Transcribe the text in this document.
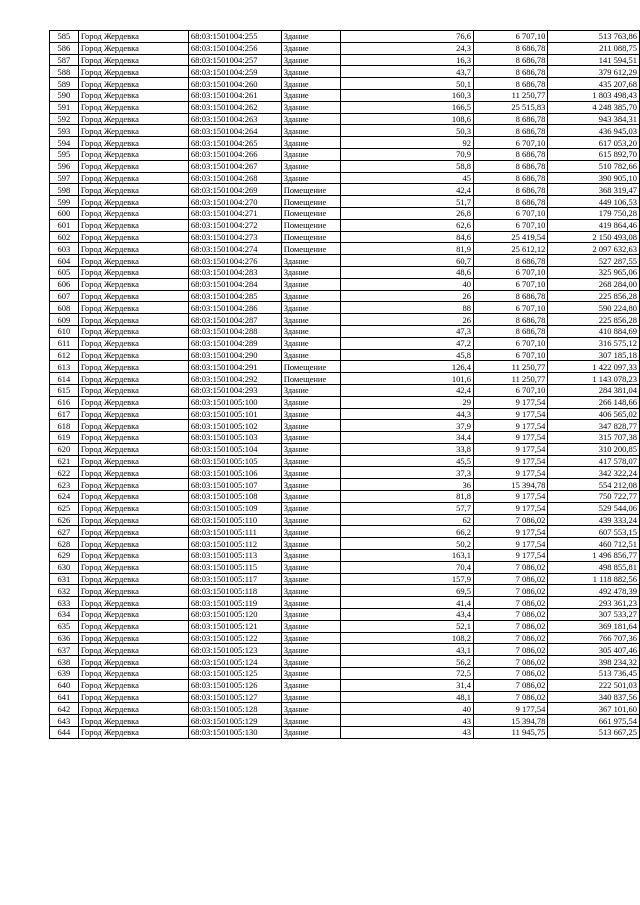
585	Город Жердевка	68:03:1501004:255	Здание	76,6	6 707,10	513 763,86
586	Город Жердевка	68:03:1501004:256	Здание	24,3	8 686,78	211 088,75
587	Город Жердевка	68:03:1501004:257	Здание	16,3	8 686,78	141 594,51
588	Город Жердевка	68:03:1501004:259	Здание	43,7	8 686,78	379 612,29
589	Город Жердевка	68:03:1501004:260	Здание	50,1	8 686,78	435 207,68
590	Город Жердевка	68:03:1501004:261	Здание	160,3	11 250,77	1 803 498,43
591	Город Жердевка	68:03:1501004:262	Здание	166,5	25 515,83	4 248 385,70
592	Город Жердевка	68:03:1501004:263	Здание	108,6	8 686,78	943 384,31
593	Город Жердевка	68:03:1501004:264	Здание	50,3	8 686,78	436 945,03
594	Город Жердевка	68:03:1501004:265	Здание	92	6 707,10	617 053,20
595	Город Жердевка	68:03:1501004:266	Здание	70,9	8 686,78	615 892,70
596	Город Жердевка	68:03:1501004:267	Здание	58,8	8 686,78	510 782,66
597	Город Жердевка	68:03:1501004:268	Здание	45	8 686,78	390 905,10
598	Город Жердевка	68:03:1501004:269	Помещение	42,4	8 686,78	368 319,47
599	Город Жердевка	68:03:1501004:270	Помещение	51,7	8 686,78	449 106,53
600	Город Жердевка	68:03:1501004:271	Помещение	26,8	6 707,10	179 750,28
601	Город Жердевка	68:03:1501004:272	Помещение	62,6	6 707,10	419 864,46
602	Город Жердевка	68:03:1501004:273	Помещение	84,6	25 419,54	2 150 493,08
603	Город Жердевка	68:03:1501004:274	Помещение	81,9	25 612,12	2 097 632,63
604	Город Жердевка	68:03:1501004:276	Здание	60,7	8 686,78	527 287,55
605	Город Жердевка	68:03:1501004:283	Здание	48,6	6 707,10	325 965,06
606	Город Жердевка	68:03:1501004:284	Здание	40	6 707,10	268 284,00
607	Город Жердевка	68:03:1501004:285	Здание	26	8 686,78	225 856,28
608	Город Жердевка	68:03:1501004:286	Здание	88	6 707,10	590 224,80
609	Город Жердевка	68:03:1501004:287	Здание	26	8 686,78	225 856,28
610	Город Жердевка	68:03:1501004:288	Здание	47,3	8 686,78	410 884,69
611	Город Жердевка	68:03:1501004:289	Здание	47,2	6 707,10	316 575,12
612	Город Жердевка	68:03:1501004:290	Здание	45,8	6 707,10	307 185,18
613	Город Жердевка	68:03:1501004:291	Помещение	126,4	11 250,77	1 422 097,33
614	Город Жердевка	68:03:1501004:292	Помещение	101,6	11 250,77	1 143 078,23
615	Город Жердевка	68:03:1501004:293	Здание	42,4	6 707,10	284 381,04
616	Город Жердевка	68:03:1501005:100	Здание	29	9 177,54	266 148,66
617	Город Жердевка	68:03:1501005:101	Здание	44,3	9 177,54	406 565,02
618	Город Жердевка	68:03:1501005:102	Здание	37,9	9 177,54	347 828,77
619	Город Жердевка	68:03:1501005:103	Здание	34,4	9 177,54	315 707,38
620	Город Жердевка	68:03:1501005:104	Здание	33,8	9 177,54	310 200,85
621	Город Жердевка	68:03:1501005:105	Здание	45,5	9 177,54	417 578,07
622	Город Жердевка	68:03:1501005:106	Здание	37,3	9 177,54	342 322,24
623	Город Жердевка	68:03:1501005:107	Здание	36	15 394,78	554 212,08
624	Город Жердевка	68:03:1501005:108	Здание	81,8	9 177,54	750 722,77
625	Город Жердевка	68:03:1501005:109	Здание	57,7	9 177,54	529 544,06
626	Город Жердевка	68:03:1501005:110	Здание	62	7 086,02	439 333,24
627	Город Жердевка	68:03:1501005:111	Здание	66,2	9 177,54	607 553,15
628	Город Жердевка	68:03:1501005:112	Здание	50,2	9 177,54	460 712,51
629	Город Жердевка	68:03:1501005:113	Здание	163,1	9 177,54	1 496 856,77
630	Город Жердевка	68:03:1501005:115	Здание	70,4	7 086,02	498 855,81
631	Город Жердевка	68:03:1501005:117	Здание	157,9	7 086,02	1 118 882,56
632	Город Жердевка	68:03:1501005:118	Здание	69,5	7 086,02	492 478,39
633	Город Жердевка	68:03:1501005:119	Здание	41,4	7 086,02	293 361,23
634	Город Жердевка	68:03:1501005:120	Здание	43,4	7 086,02	307 533,27
635	Город Жердевка	68:03:1501005:121	Здание	52,1	7 086,02	369 181,64
636	Город Жердевка	68:03:1501005:122	Здание	108,2	7 086,02	766 707,36
637	Город Жердевка	68:03:1501005:123	Здание	43,1	7 086,02	305 407,46
638	Город Жердевка	68:03:1501005:124	Здание	56,2	7 086,02	398 234,32
639	Город Жердевка	68:03:1501005:125	Здание	72,5	7 086,02	513 736,45
640	Город Жердевка	68:03:1501005:126	Здание	31,4	7 086,02	222 501,03
641	Город Жердевка	68:03:1501005:127	Здание	48,1	7 086,02	340 837,56
642	Город Жердевка	68:03:1501005:128	Здание	40	9 177,54	367 101,60
643	Город Жердевка	68:03:1501005:129	Здание	43	15 394,78	661 975,54
644	Город Жердевка	68:03:1501005:130	Здание	43	11 945,75	513 667,25
